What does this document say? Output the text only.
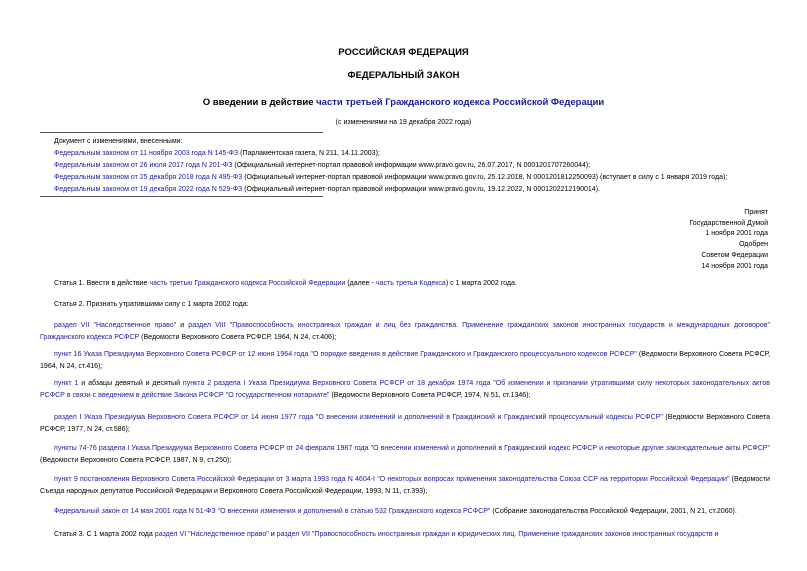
РОССИЙСКАЯ ФЕДЕРАЦИЯ
ФЕДЕРАЛЬНЫЙ ЗАКОН
О введении в действие части третьей Гражданского кодекса Российской Федерации
(с изменениями на 19 декабря 2022 года)
Документ с изменениями, внесенными:
Федеральным законом от 11 ноября 2003 года N 145-ФЗ (Парламентская газета, N 211, 14.11.2003);
Федеральным законом от 26 июля 2017 года N 201-ФЗ (Официальный интернет-портал правовой информации www.pravo.gov.ru, 26.07.2017, N 0001201707260044);
Федеральным законом от 25 декабря 2018 года N 495-ФЗ (Официальный интернет-портал правовой информации www.pravo.gov.ru, 25.12.2018, N 0001201812250093) (вступает в силу с 1 января 2019 года);
Федеральным законом от 19 декабря 2022 года N 529-ФЗ (Официальный интернет-портал правовой информации www.pravo.gov.ru, 19.12.2022, N 0001202212190014).
Принят
Государственной Думой
1 ноября 2001 года
Одобрен
Советом Федерации
14 ноября 2001 года
Статья 1. Ввести в действие часть третью Гражданского кодекса Российской Федерации (далее - часть третья Кодекса) с 1 марта 2002 года.
Статья 2. Признать утратившими силу с 1 марта 2002 года:
раздел VII "Наследственное право" и раздел VIII "Правоспособность иностранных граждан и лиц без гражданства. Применение гражданских законов иностранных государств и международных договоров" Гражданского кодекса РСФСР (Ведомости Верховного Совета РСФСР, 1964, N 24, ст.406);
пункт 16 Указа Президиума Верховного Совета РСФСР от 12 июня 1964 года "О порядке введения в действие Гражданского и Гражданского процессуального кодексов РСФСР" (Ведомости Верховного Совета РСФСР, 1964, N 24, ст.416);
пункт 1 и абзацы девятый и десятый пункта 2 раздела I Указа Президиума Верховного Совета РСФСР от 18 декабря 1974 года "Об изменении и признании утратившими силу некоторых законодательных актов РСФСР в связи с введением в действие Закона РСФСР "О государственном нотариате" (Ведомости Верховного Совета РСФСР, 1974, N 51, ст.1346);
раздел I Указа Президиума Верховного Совета РСФСР от 14 июня 1977 года "О внесении изменений и дополнений в Гражданский и Гражданский процессуальный кодексы РСФСР" (Ведомости Верховного Совета РСФСР, 1977, N 24, ст.586);
пункты 74-76 раздела I Указа Президиума Верховного Совета РСФСР от 24 февраля 1987 года "О внесении изменений и дополнений в Гражданский кодекс РСФСР и некоторые другие законодательные акты РСФСР" (Ведомости Верховного Совета РСФСР, 1987, N 9, ст.250);
пункт 9 постановления Верховного Совета Российской Федерации от 3 марта 1993 года N 4604-I "О некоторых вопросах применения законодательства Союза ССР на территории Российской Федерации" (Ведомости Съезда народных депутатов Российской Федерации и Верховного Совета Российской Федерации, 1993, N 11, ст.393);
Федеральный закон от 14 мая 2001 года N 51-ФЗ "О внесении изменения и дополнений в статью 532 Гражданского кодекса РСФСР" (Собрание законодательства Российской Федерации, 2001, N 21, ст.2060).
Статья 3. С 1 марта 2002 года раздел VI "Наследственное право" и раздел VII "Правоспособность иностранных граждан и юридических лиц. Применение гражданских законов иностранных государств и
